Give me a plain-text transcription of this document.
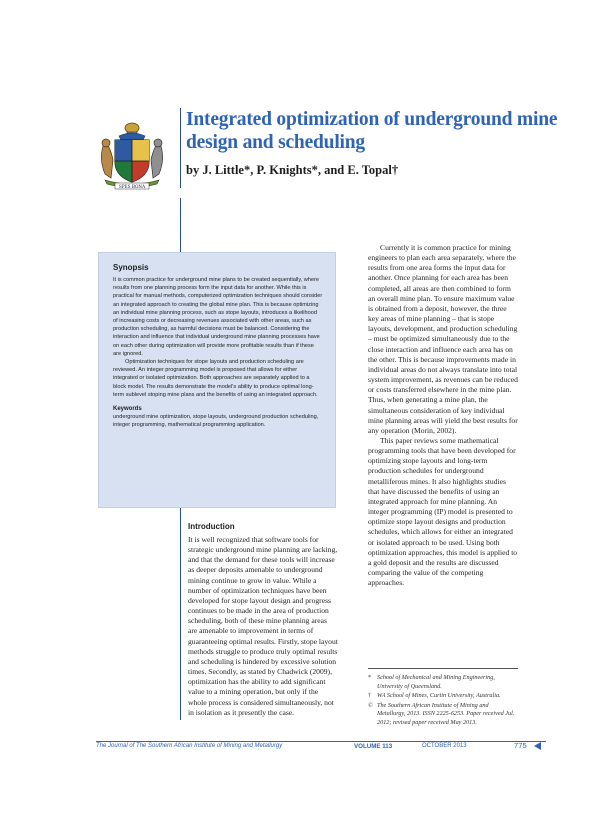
SPES BONA
Integrated optimization of underground mine design and scheduling
by J. Little*, P. Knights*, and E. Topal†
Synopsis

It is common practice for underground mine plans to be created sequentially, where results from one planning process form the input data for another. While this is practical for manual methods, computerized optimization techniques should consider an integrated approach to creating the global mine plan. This is because optimizing an individual mine planning process, such as stope layouts, introduces a likelihood of increasing costs or decreasing revenues associated with other areas, such as production scheduling, as harmful decisions must be balanced. Considering the interaction and influence that individual underground mine planning processes have on each other during optimization will provide more profitable results than if these are ignored.

Optimization techniques for stope layouts and production scheduling are reviewed. An integer programming model is proposed that allows for either integrated or isolated optimization. Both approaches are separately applied to a block model. The results demonstrate the model's ability to produce optimal long-term sublevel stoping mine plans and the benefits of using an integrated approach.

Keywords

underground mine optimization, stope layouts, underground production scheduling, integer programming, mathematical programming application.

Introduction

It is well recognized that software tools for strategic underground mine planning are lacking, and that the demand for these tools will increase as deeper deposits amenable to underground mining continue to grow in value. While a number of optimization techniques have been developed for stope layout design and progress continues to be made in the area of production scheduling, both of these mine planning areas are amenable to improvement in terms of guaranteeing optimal results. Firstly, stope layout methods struggle to produce truly optimal results and scheduling is hindered by excessive solution times. Secondly, as stated by Chadwick (2009), optimization has the ability to add significant value to a mining operation, but only if the whole process is considered simultaneously, not in isolation as it presently the case.

Currently it is common practice for mining engineers to plan each area separately, where the results from one area forms the input data for another. Once planning for each area has been completed, all areas are then combined to form an overall mine plan. To ensure maximum value is obtained from a deposit, however, the three key areas of mine planning – that is stope layouts, development, and production scheduling – must be optimized simultaneously due to the close interaction and influence each area has on the other. This is because improvements made in individual areas do not always translate into total system improvement, as revenues can be reduced or costs transferred elsewhere in the mine plan. Thus, when generating a mine plan, the simultaneous consideration of key individual mine planning areas will yield the best results for any operation (Morin, 2002).

This paper reviews some mathematical programming tools that have been developed for optimizing stope layouts and long-term production schedules for underground metalliferous mines. It also highlights studies that have discussed the benefits of using an integrated approach for mine planning. An integer programming (IP) model is presented to optimize stope layout designs and production schedules, which allows for either an integrated or isolated approach to be used. Using both optimization approaches, this model is applied to a gold deposit and the results are discussed comparing the value of the competing approaches.

* School of Mechanical and Mining Engineering, University of Queensland.
† WA School of Mines, Curtin University, Australia.
© The Southern African Institute of Mining and Metallurgy, 2013. ISSN 2225-6253. Paper received Jul. 2012; revised paper received May 2013.
The Journal of The Southern African Institute of Mining and Metallurgy	VOLUME 113	OCTOBER 2013	775
